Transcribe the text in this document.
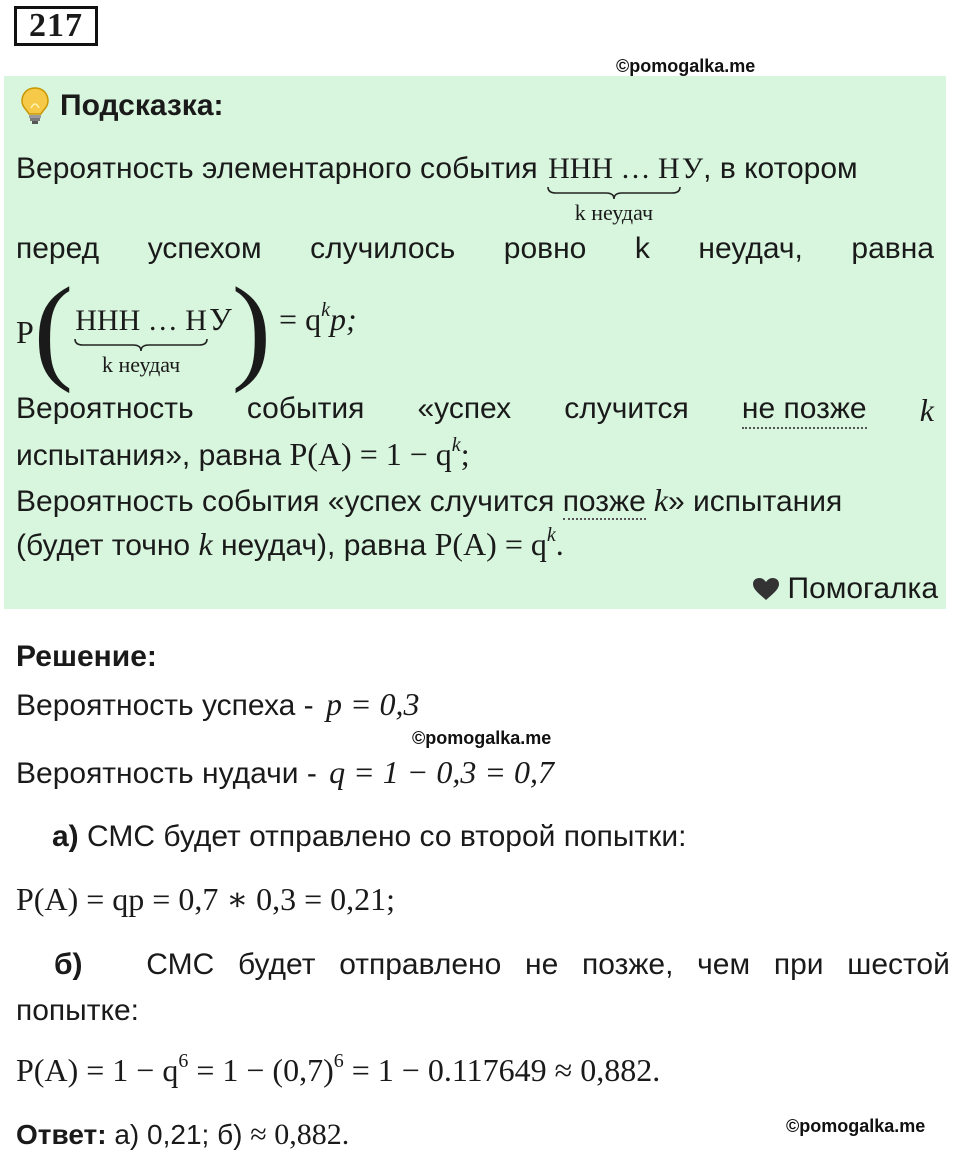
217
©pomogalka.me
Подсказка:
Вероятность элементарного события ННН … Н
k неудач
У, в котором
перед успехом случилось ровно k неудач, равна
Р ( ННН … Н
k неудач
У ) = $q^kp$;
Вероятность события «успех случится не позже k
испытания», равна $Р(А) = 1 - q^k$;
Вероятность события «успех случится позже k» испытания
(будет точно k неудач), равна $Р(А) = q^k$.
Помогалка
Решение:
Вероятность успеха - p = 0,3
©pomogalka.me
Вероятность нудачи - q = 1 − 0,3 = 0,7
а) СМС будет отправлено со второй попытки:
Р(А) = qp = 0,7 ∗ 0,3 = 0,21;
б) СМС будет отправлено не позже, чем при шестой
попытке:
$Р(А) = 1 - q^6 = 1 - (0,7)^6 = 1 - 0.117649 \approx 0,882$.
Ответ: а) 0,21; б) ≈ 0,882.	©pomogalka.me
